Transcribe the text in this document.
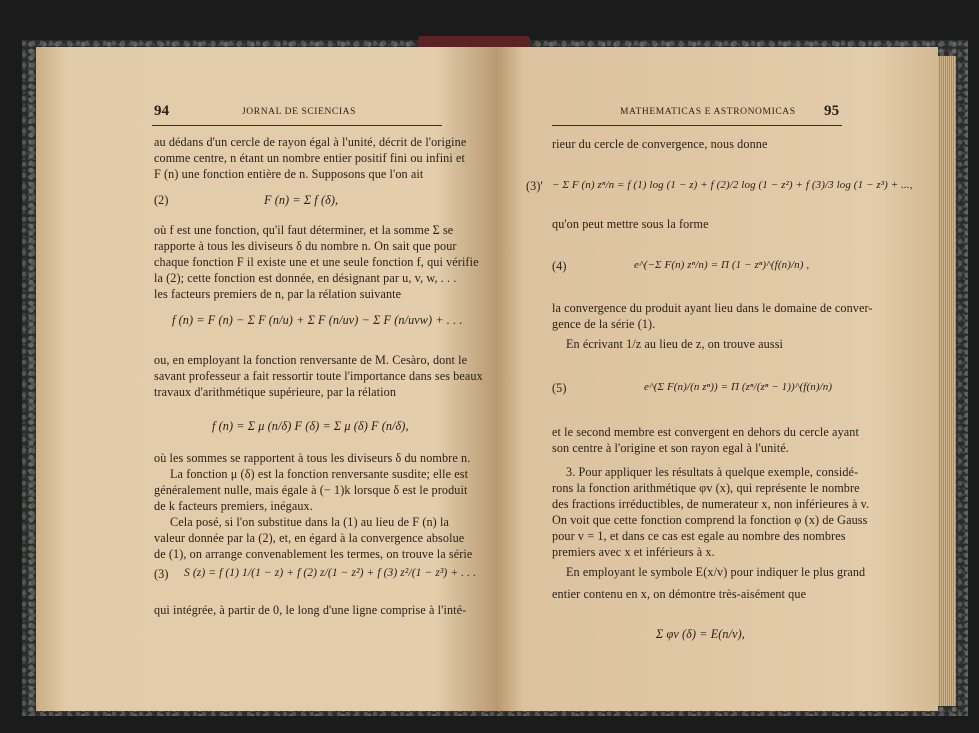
94	JORNAL DE SCIENCIAS
au dédans d'un cercle de rayon égal à l'unité, décrit de l'origine
comme centre, n étant un nombre entier positif fini ou infini et
F (n) une fonction entière de n. Supposons que l'on ait
(2)	F (n) = Σ f (δ),
où f est une fonction, qu'il faut déterminer, et la somme Σ se
rapporte à tous les diviseurs δ du nombre n. On sait que pour
chaque fonction F il existe une et une seule fonction f, qui vérifie
la (2); cette fonction est donnée, en désignant par u, v, w, . . .
les facteurs premiers de n, par la rélation suivante
f (n) = F (n) − Σ F (n/u) + Σ F (n/uv) − Σ F (n/uvw) + . . .
ou, en employant la fonction renversante de M. Cesàro, dont le
savant professeur a fait ressortir toute l'importance dans ses beaux
travaux d'arithmétique supérieure, par la rélation
f (n) = Σ μ (n/δ) F (δ) = Σ μ (δ) F (n/δ),
où les sommes se rapportent à tous les diviseurs δ du nombre n.
La fonction μ (δ) est la fonction renversante susdite; elle est
généralement nulle, mais égale à (− 1)k lorsque δ est le produit
de k facteurs premiers, inégaux.
Cela posé, si l'on substitue dans la (1) au lieu de F (n) la
valeur donnée par la (2), et, en égard à la convergence absolue
de (1), on arrange convenablement les termes, on trouve la série
(3) S (z) = f (1) 1/(1 − z) + f (2) z/(1 − z²) + f (3) z²/(1 − z³) + . . .
qui intégrée, à partir de 0, le long d'une ligne comprise à l'inté-
MATHEMATICAS E ASTRONOMICAS 95
rieur du cercle de convergence, nous donne
(3)' − Σ F (n) zⁿ/n = f (1) log (1 − z) + f (2)/2 log (1 − z²) + f (3)/3 log (1 − z³) + ...,
qu'on peut mettre sous la forme
(4)	e^(−Σ F(n) zⁿ/n) = Π (1 − zⁿ)^(f(n)/n) ,
la convergence du produit ayant lieu dans le domaine de conver-
gence de la série (1).
En écrivant 1/z au lieu de z, on trouve aussi
(5)	e^(Σ F(n)/(n zⁿ)) = Π (zⁿ/(zⁿ − 1))^(f(n)/n)
et le second membre est convergent en dehors du cercle ayant
son centre à l'origine et son rayon egal à l'unité.
3. Pour appliquer les résultats à quelque exemple, considé-
rons la fonction arithmétique φv (x), qui représente le nombre
des fractions irréductibles, de numerateur x, non inférieures à v.
On voit que cette fonction comprend la fonction φ (x) de Gauss
pour v = 1, et dans ce cas est egale au nombre des nombres
premiers avec x et inférieurs à x.
En employant le symbole E(x/v) pour indiquer le plus grand
entier contenu en x, on démontre très-aisément que
Σ φv (δ) = E(n/v),
